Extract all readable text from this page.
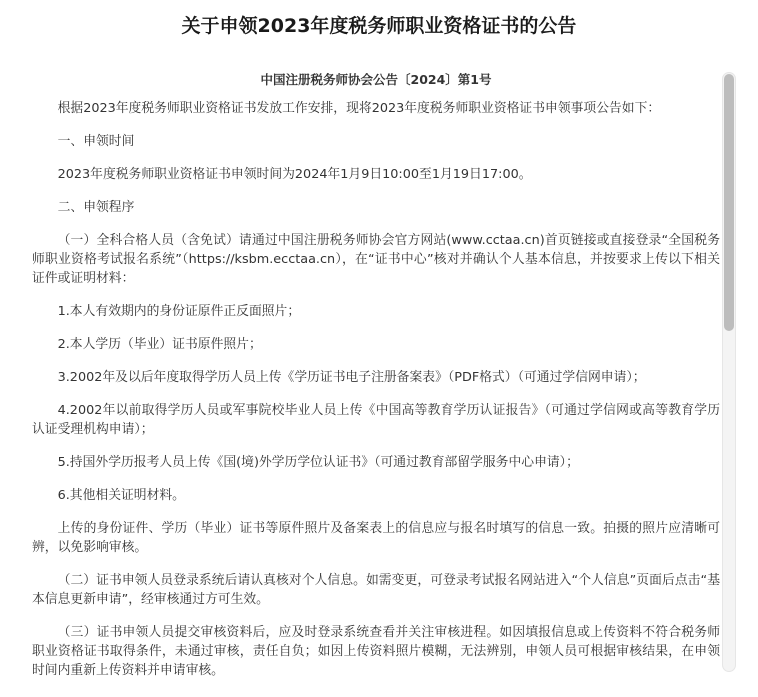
关于申领2023年度税务师职业资格证书的公告
中国注册税务师协会公告〔2024〕第1号

根据2023年度税务师职业资格证书发放工作安排，现将2023年度税务师职业资格证书申领事项公告如下：

一、申领时间

2023年度税务师职业资格证书申领时间为2024年1月9日10:00至1月19日17:00。

二、申领程序

（一）全科合格人员（含免试）请通过中国注册税务师协会官方网站(www.cctaa.cn)首页链接或直接登录“全国税务师职业资格考试报名系统”（https://ksbm.ecctaa.cn），在“证书中心”核对并确认个人基本信息，并按要求上传以下相关证件或证明材料：

1.本人有效期内的身份证原件正反面照片；

2.本人学历（毕业）证书原件照片；

3.2002年及以后年度取得学历人员上传《学历证书电子注册备案表》（PDF格式）（可通过学信网申请）；

4.2002年以前取得学历人员或军事院校毕业人员上传《中国高等教育学历认证报告》（可通过学信网或高等教育学历认证受理机构申请）；

5.持国外学历报考人员上传《国(境)外学历学位认证书》（可通过教育部留学服务中心申请）；

6.其他相关证明材料。

上传的身份证件、学历（毕业）证书等原件照片及备案表上的信息应与报名时填写的信息一致。拍摄的照片应清晰可辨，以免影响审核。

（二）证书申领人员登录系统后请认真核对个人信息。如需变更，可登录考试报名网站进入“个人信息”页面后点击“基本信息更新申请”，经审核通过方可生效。

（三）证书申领人员提交审核资料后，应及时登录系统查看并关注审核进程。如因填报信息或上传资料不符合税务师职业资格证书取得条件，未通过审核，责任自负；如因上传资料照片模糊，无法辨别，申领人员可根据审核结果，在申领时间内重新上传资料并申请审核。
